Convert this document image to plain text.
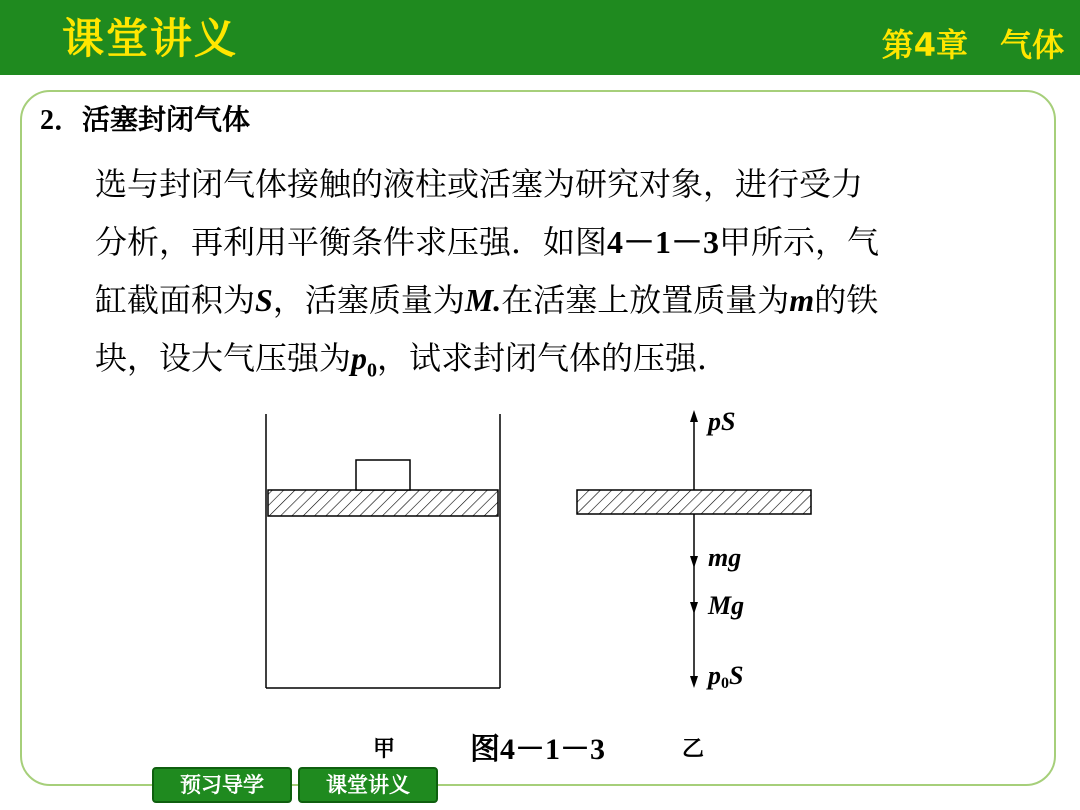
课堂讲义	第4章　气体
2．活塞封闭气体
选与封闭气体接触的液柱或活塞为研究对象，进行受力
分析，再利用平衡条件求压强．如图4－1－3甲所示，气
缸截面积为S，活塞质量为M.在活塞上放置质量为m的铁
块，设大气压强为$p_0$，试求封闭气体的压强．
pS
mg
Mg
p0S
甲 图4－1－3	乙
预习导学	课堂讲义
